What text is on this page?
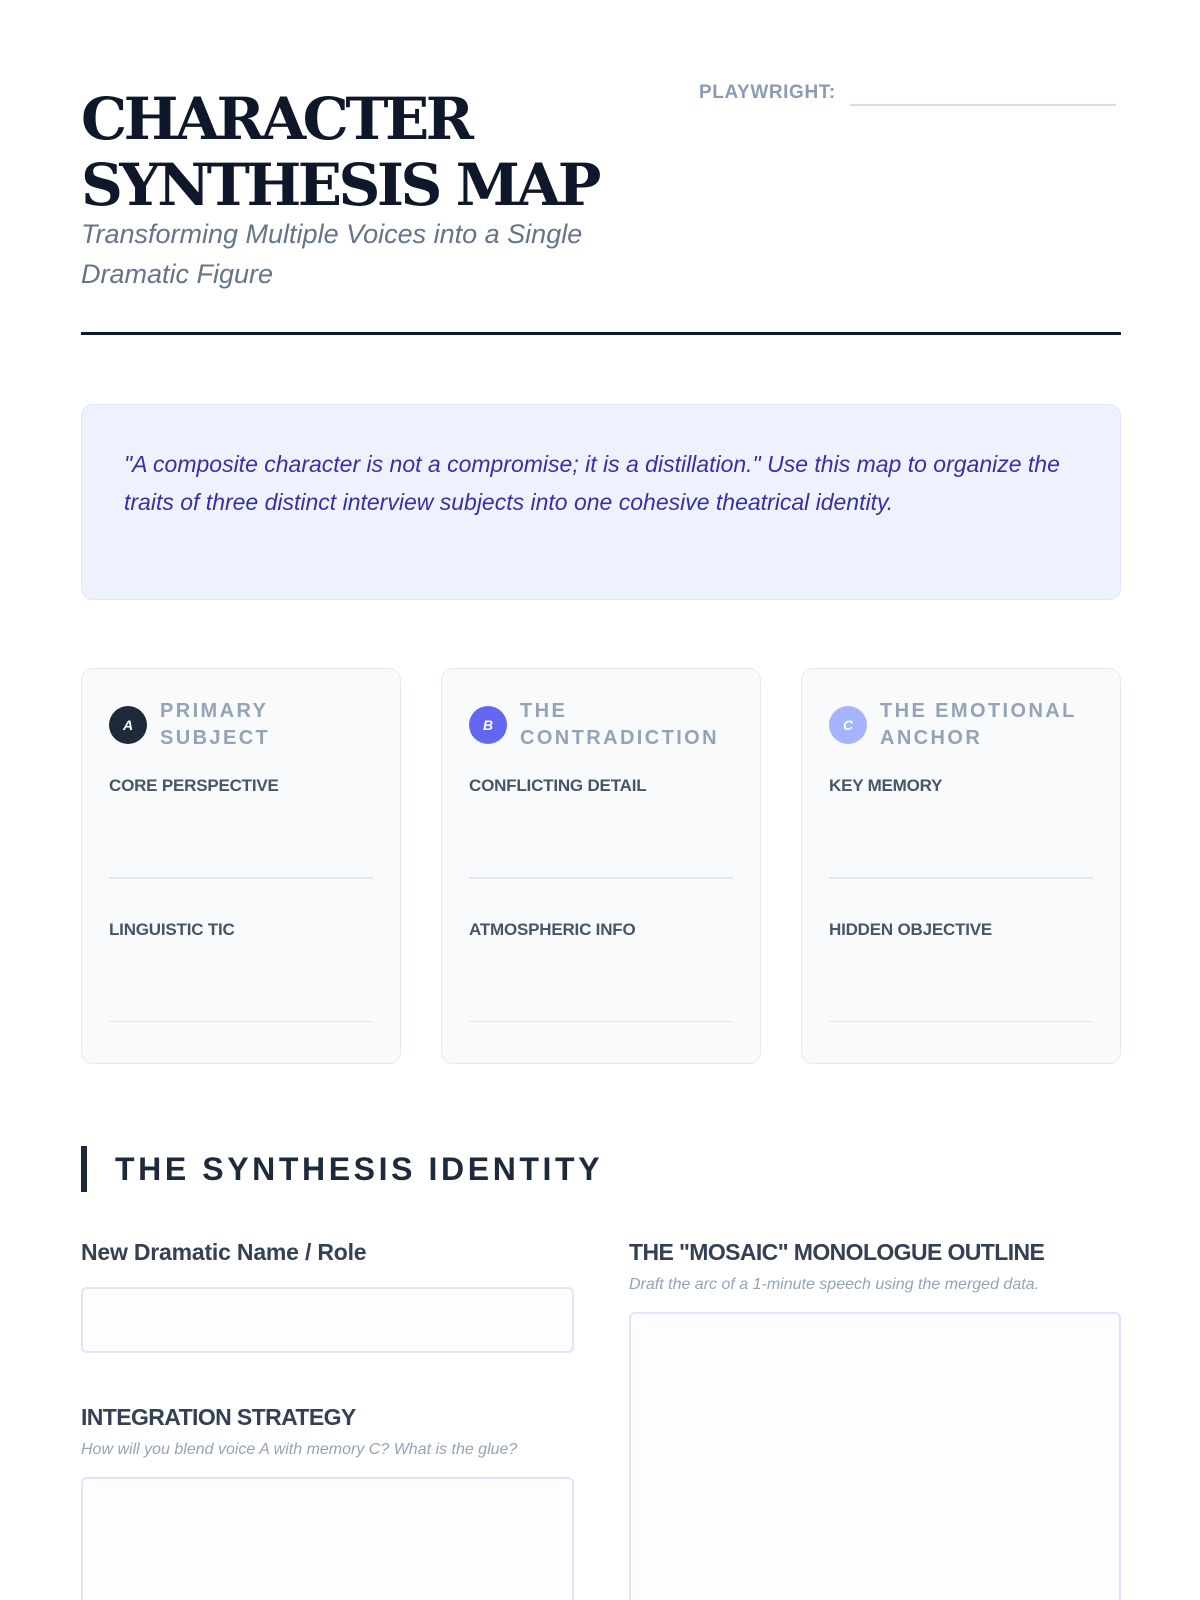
CHARACTER
SYNTHESIS MAP
Transforming Multiple Voices into a Single Dramatic Figure
PLAYWRIGHT:

"A composite character is not a compromise; it is a distillation." Use this map to organize the traits of three distinct interview subjects into one cohesive theatrical identity.

A
PRIMARY
SUBJECT
CORE PERSPECTIVE
LINGUISTIC TIC
B
THE
CONTRADICTION
CONFLICTING DETAIL
ATMOSPHERIC INFO
C
THE EMOTIONAL
ANCHOR
KEY MEMORY
HIDDEN OBJECTIVE
THE SYNTHESIS IDENTITY
New Dramatic Name / Role
INTEGRATION STRATEGY
How will you blend voice A with memory C? What is the glue?
THE "MOSAIC" MONOLOGUE OUTLINE
Draft the arc of a 1-minute speech using the merged data.
